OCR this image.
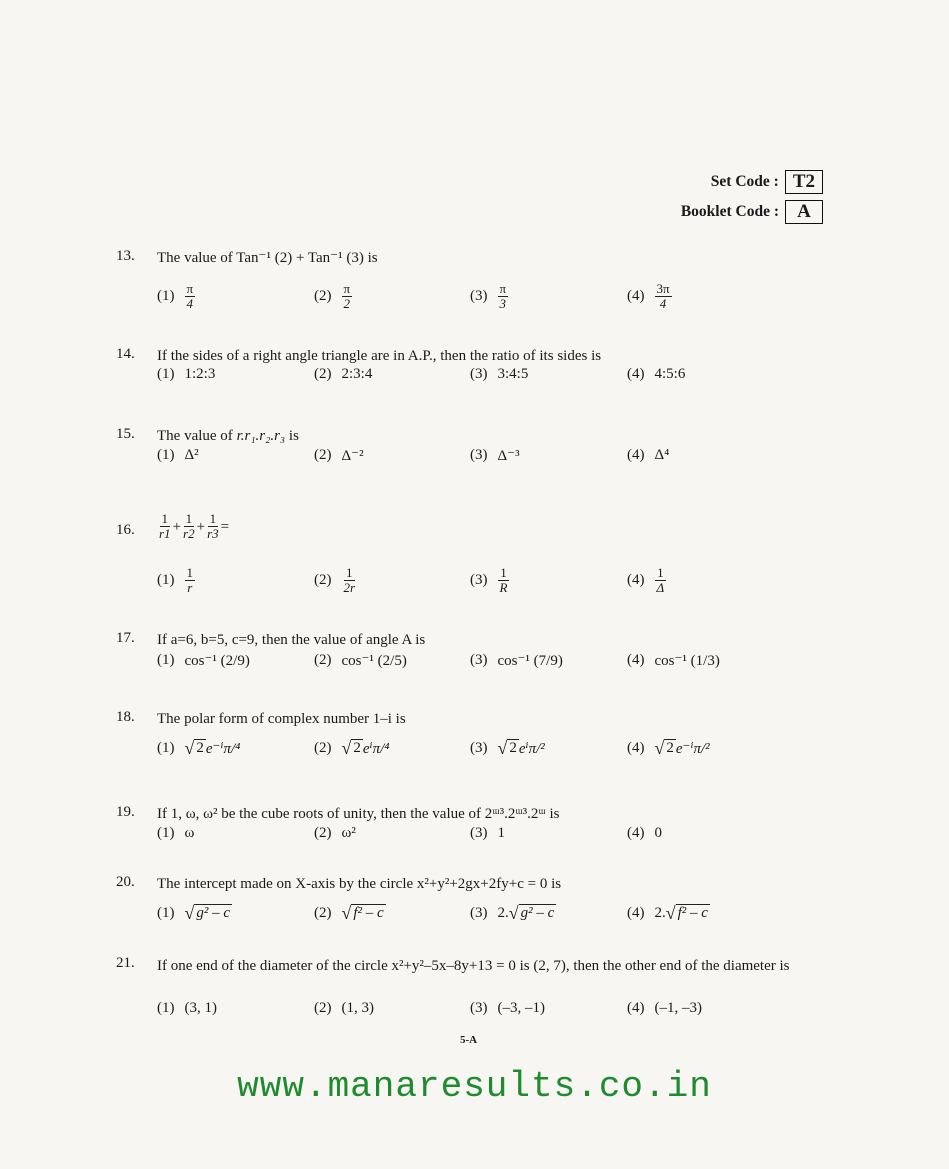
Set Code : T2
Booklet Code : A
13.	The value of Tan⁻¹ (2) + Tan⁻¹ (3) is
$(1) \frac{\pi}{4}$	$(2) \frac{\pi}{2}$	$(3) \frac{\pi}{3}$	$(4) \frac{3\pi}{4}$
14.	If the sides of a right angle triangle are in A.P., then the ratio of its sides is
(1) 1:2:3	(2) 2:3:4	(3) 3:4:5	(4) 4:5:6
15.	The value of r.r₁.r₂.r₃ is
(1) Δ²	(2) Δ⁻²	(3) Δ⁻³	(4) Δ⁴
16.	$\frac{1}{r1} + \frac{1}{r2} + \frac{1}{r3}$ =
$(1) \frac{1}{r}$	$(2) \frac{1}{2r}$	$(3) \frac{1}{R}$	$(4) \frac{1}{\Delta}$
17.	If a=6, b=5, c=9, then the value of angle A is
(1) cos⁻¹ (2/9)	(2) cos⁻¹ (2/5)	(3) cos⁻¹ (7/9)	(4) cos⁻¹ (1/3)
18.	The polar form of complex number 1–i is
(1) √ 2 e⁻ⁱπ/⁴	(2) √ 2 eⁱπ/⁴	(3) √ 2 eⁱπ/²	(4) √ 2 e⁻ⁱπ/²
19.	If 1, ω, ω² be the cube roots of unity, then the value of 2ᵚ³.2ᵚ³.2ᵚ is
(1) ω	(2) ω²	(3) 1	(4) 0
20.	The intercept made on X-axis by the circle x²+y²+2gx+2fy+c = 0 is
(1) √ g² – c	(2) √ f² – c	(3) 2. √ g² – c	(4) 2. √ f² – c
21.	If one end of the diameter of the circle x²+y²–5x–8y+13 = 0 is (2, 7), then the other end of the diameter is
(1) (3, 1)	(2) (1, 3)	(3) (–3, –1)	(4) (–1, –3)
5-A
www.manaresults.co.in
